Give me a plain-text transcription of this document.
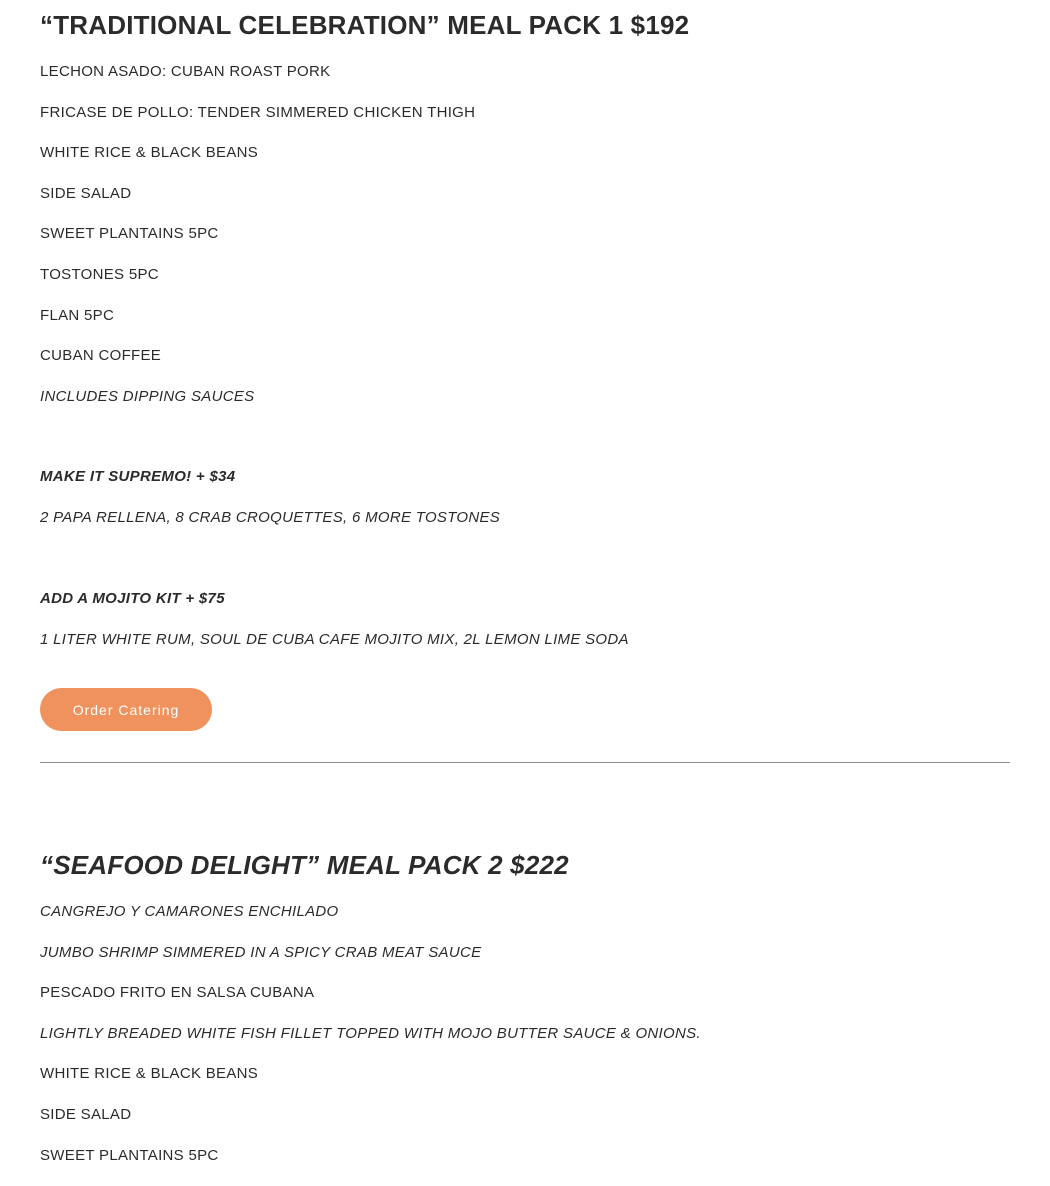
“TRADITIONAL CELEBRATION” MEAL PACK 1 $192

LECHON ASADO: CUBAN ROAST PORK

FRICASE DE POLLO: TENDER SIMMERED CHICKEN THIGH

WHITE RICE & BLACK BEANS

SIDE SALAD

SWEET PLANTAINS 5PC

TOSTONES 5PC

FLAN 5PC

CUBAN COFFEE

INCLUDES DIPPING SAUCES

MAKE IT SUPREMO! + $34

2 PAPA RELLENA, 8 CRAB CROQUETTES, 6 MORE TOSTONES

ADD A MOJITO KIT + $75

1 LITER WHITE RUM, SOUL DE CUBA CAFE MOJITO MIX, 2L LEMON LIME SODA

Order Catering
“SEAFOOD DELIGHT” MEAL PACK 2 $222

CANGREJO Y CAMARONES ENCHILADO

JUMBO SHRIMP SIMMERED IN A SPICY CRAB MEAT SAUCE

PESCADO FRITO EN SALSA CUBANA

LIGHTLY BREADED WHITE FISH FILLET TOPPED WITH MOJO BUTTER SAUCE & ONIONS.

WHITE RICE & BLACK BEANS

SIDE SALAD

SWEET PLANTAINS 5PC
